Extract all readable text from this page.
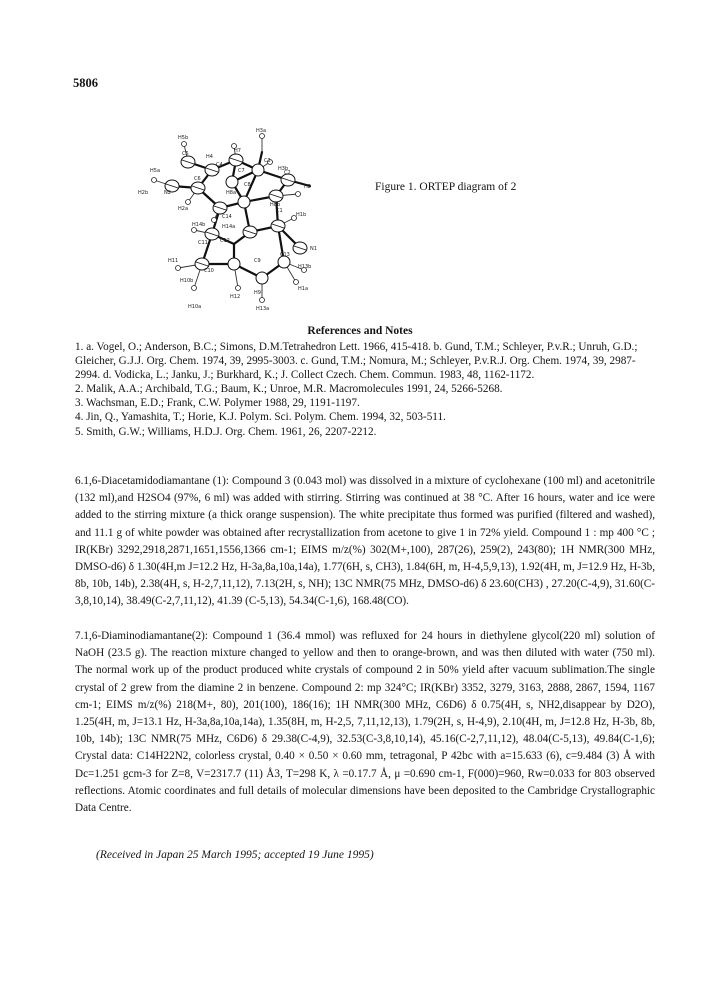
5806
H3a
H5b
H4
H7
C3
H5a
C5
C4
C7	H3b
H2b	N2
C6
C2
H2
H2a
H8a
C8
H8b
C14	H1b
H14b	H14a
C1
N1
C11 C12
H11
C10
C9
C13
H13b
H10b
H1a
H12
H9
H10a	H13a
Figure 1. ORTEP diagram of 2
References and Notes
1. a. Vogel, O.; Anderson, B.C.; Simons, D.M.Tetrahedron Lett. 1966, 415-418. b. Gund, T.M.; Schleyer, P.v.R.; Unruh, G.D.; Gleicher, G.J.J. Org. Chem. 1974, 39, 2995-3003. c. Gund, T.M.; Nomura, M.; Schleyer, P.v.R.J. Org. Chem. 1974, 39, 2987-2994. d. Vodicka, L.; Janku, J.; Burkhard, K.; J. Collect Czech. Chem. Commun. 1983, 48, 1162-1172.
2. Malik, A.A.; Archibald, T.G.; Baum, K.; Unroe, M.R. Macromolecules 1991, 24, 5266-5268.
3. Wachsman, E.D.; Frank, C.W. Polymer 1988, 29, 1191-1197.
4. Jin, Q., Yamashita, T.; Horie, K.J. Polym. Sci. Polym. Chem. 1994, 32, 503-511.
5. Smith, G.W.; Williams, H.D.J. Org. Chem. 1961, 26, 2207-2212.
6.1,6-Diacetamidodiamantane (1): Compound 3 (0.043 mol) was dissolved in a mixture of cyclohexane (100 ml) and acetonitrile (132 ml),and H2SO4 (97%, 6 ml) was added with stirring. Stirring was continued at 38 °C. After 16 hours, water and ice were added to the stirring mixture (a thick orange suspension). The white precipitate thus formed was purified (filtered and washed), and 11.1 g of white powder was obtained after recrystallization from acetone to give 1 in 72% yield. Compound 1 : mp 400 °C ; IR(KBr) 3292,2918,2871,1651,1556,1366 cm-1; EIMS m/z(%) 302(M+,100), 287(26), 259(2), 243(80); 1H NMR(300 MHz, DMSO-d6) δ 1.30(4H,m J=12.2 Hz, H-3a,8a,10a,14a), 1.77(6H, s, CH3), 1.84(6H, m, H-4,5,9,13), 1.92(4H, m, J=12.9 Hz, H-3b, 8b, 10b, 14b), 2.38(4H, s, H-2,7,11,12), 7.13(2H, s, NH); 13C NMR(75 MHz, DMSO-d6) δ 23.60(CH3) , 27.20(C-4,9), 31.60(C-3,8,10,14), 38.49(C-2,7,11,12), 41.39 (C-5,13), 54.34(C-1,6), 168.48(CO).
7.1,6-Diaminodiamantane(2): Compound 1 (36.4 mmol) was refluxed for 24 hours in diethylene glycol(220 ml) solution of NaOH (23.5 g). The reaction mixture changed to yellow and then to orange-brown, and was then diluted with water (750 ml). The normal work up of the product produced white crystals of compound 2 in 50% yield after vacuum sublimation.The single crystal of 2 grew from the diamine 2 in benzene. Compound 2: mp 324°C; IR(KBr) 3352, 3279, 3163, 2888, 2867, 1594, 1167 cm-1; EIMS m/z(%) 218(M+, 80), 201(100), 186(16); 1H NMR(300 MHz, C6D6) δ 0.75(4H, s, NH2,disappear by D2O), 1.25(4H, m, J=13.1 Hz, H-3a,8a,10a,14a), 1.35(8H, m, H-2,5, 7,11,12,13), 1.79(2H, s, H-4,9), 2.10(4H, m, J=12.8 Hz, H-3b, 8b, 10b, 14b); 13C NMR(75 MHz, C6D6) δ 29.38(C-4,9), 32.53(C-3,8,10,14), 45.16(C-2,7,11,12), 48.04(C-5,13), 49.84(C-1,6); Crystal data: C14H22N2, colorless crystal, 0.40 × 0.50 × 0.60 mm, tetragonal, P 42bc with a=15.633 (6), c=9.484 (3) Å with Dc=1.251 gcm-3 for Z=8, V=2317.7 (11) Å3, T=298 K, λ =0.17.7 Å, μ =0.690 cm-1, F(000)=960, Rw=0.033 for 803 observed reflections. Atomic coordinates and full details of molecular dimensions have been deposited to the Cambridge Crystallographic Data Centre.
(Received in Japan 25 March 1995; accepted 19 June 1995)
